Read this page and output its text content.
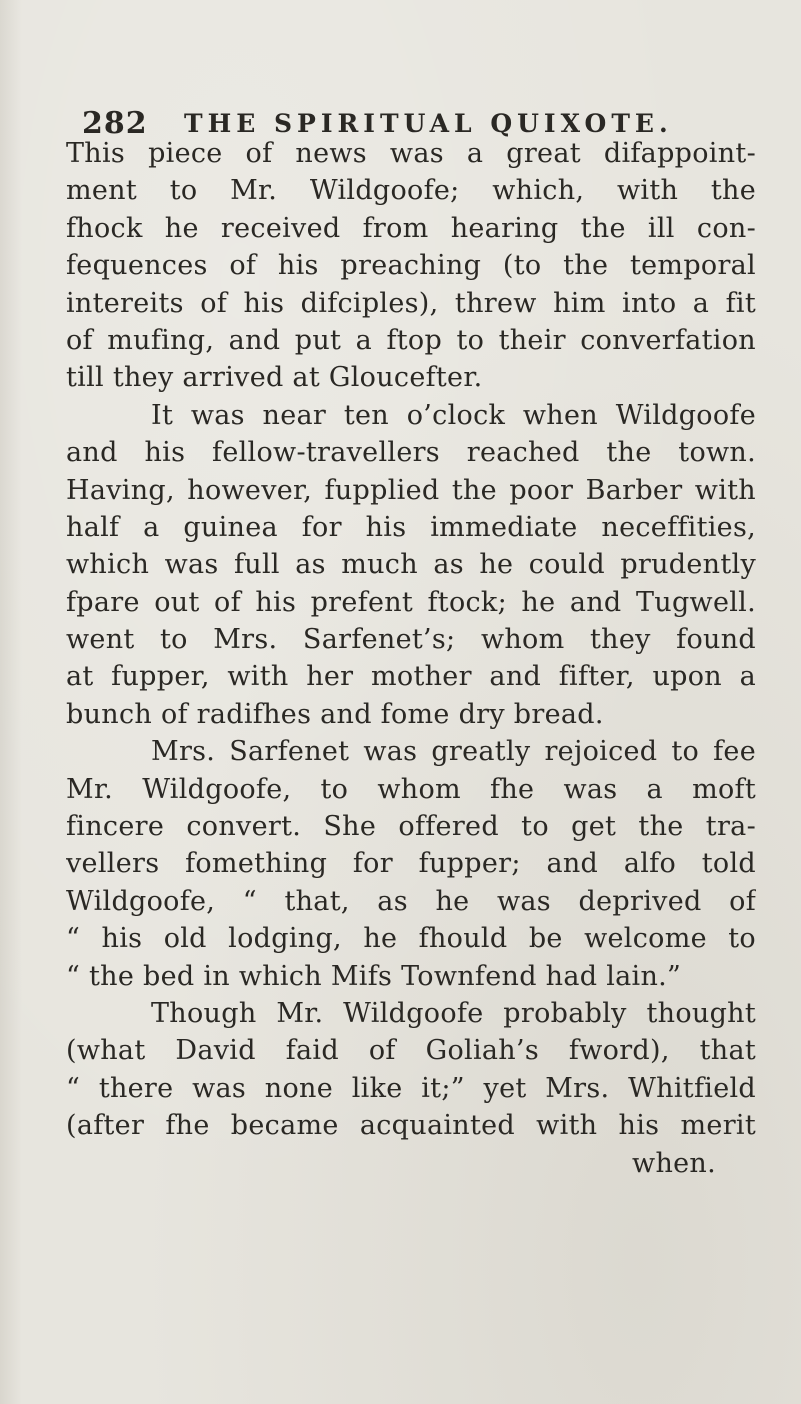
282 THE SPIRITUAL QUIXOTE.
This piece of news was a great difappoint-
ment to Mr. Wildgoofe; which, with the
fhock he received from hearing the ill con-
fequences of his preaching (to the temporal
intereits of his difciples), threw him into a fit
of mufing, and put a ftop to their converfation
till they arrived at Gloucefter.
It was near ten o’clock when Wildgoofe
and his fellow-travellers reached the town.
Having, however, fupplied the poor Barber with
half a guinea for his immediate neceffities,
which was full as much as he could prudently
fpare out of his prefent ftock; he and Tugwell.
went to Mrs. Sarfenet’s; whom they found
at fupper, with her mother and fifter, upon a
bunch of radifhes and fome dry bread.
Mrs. Sarfenet was greatly rejoiced to fee
Mr. Wildgoofe, to whom fhe was a moft
fincere convert. She offered to get the tra-
vellers fomething for fupper; and alfo told
Wildgoofe, “ that, as he was deprived of
“ his old lodging, he fhould be welcome to
“ the bed in which Mifs Townfend had lain.”
Though Mr. Wildgoofe probably thought
(what David faid of Goliah’s fword), that
“ there was none like it;” yet Mrs. Whitfield
(after fhe became acquainted with his merit
when.
